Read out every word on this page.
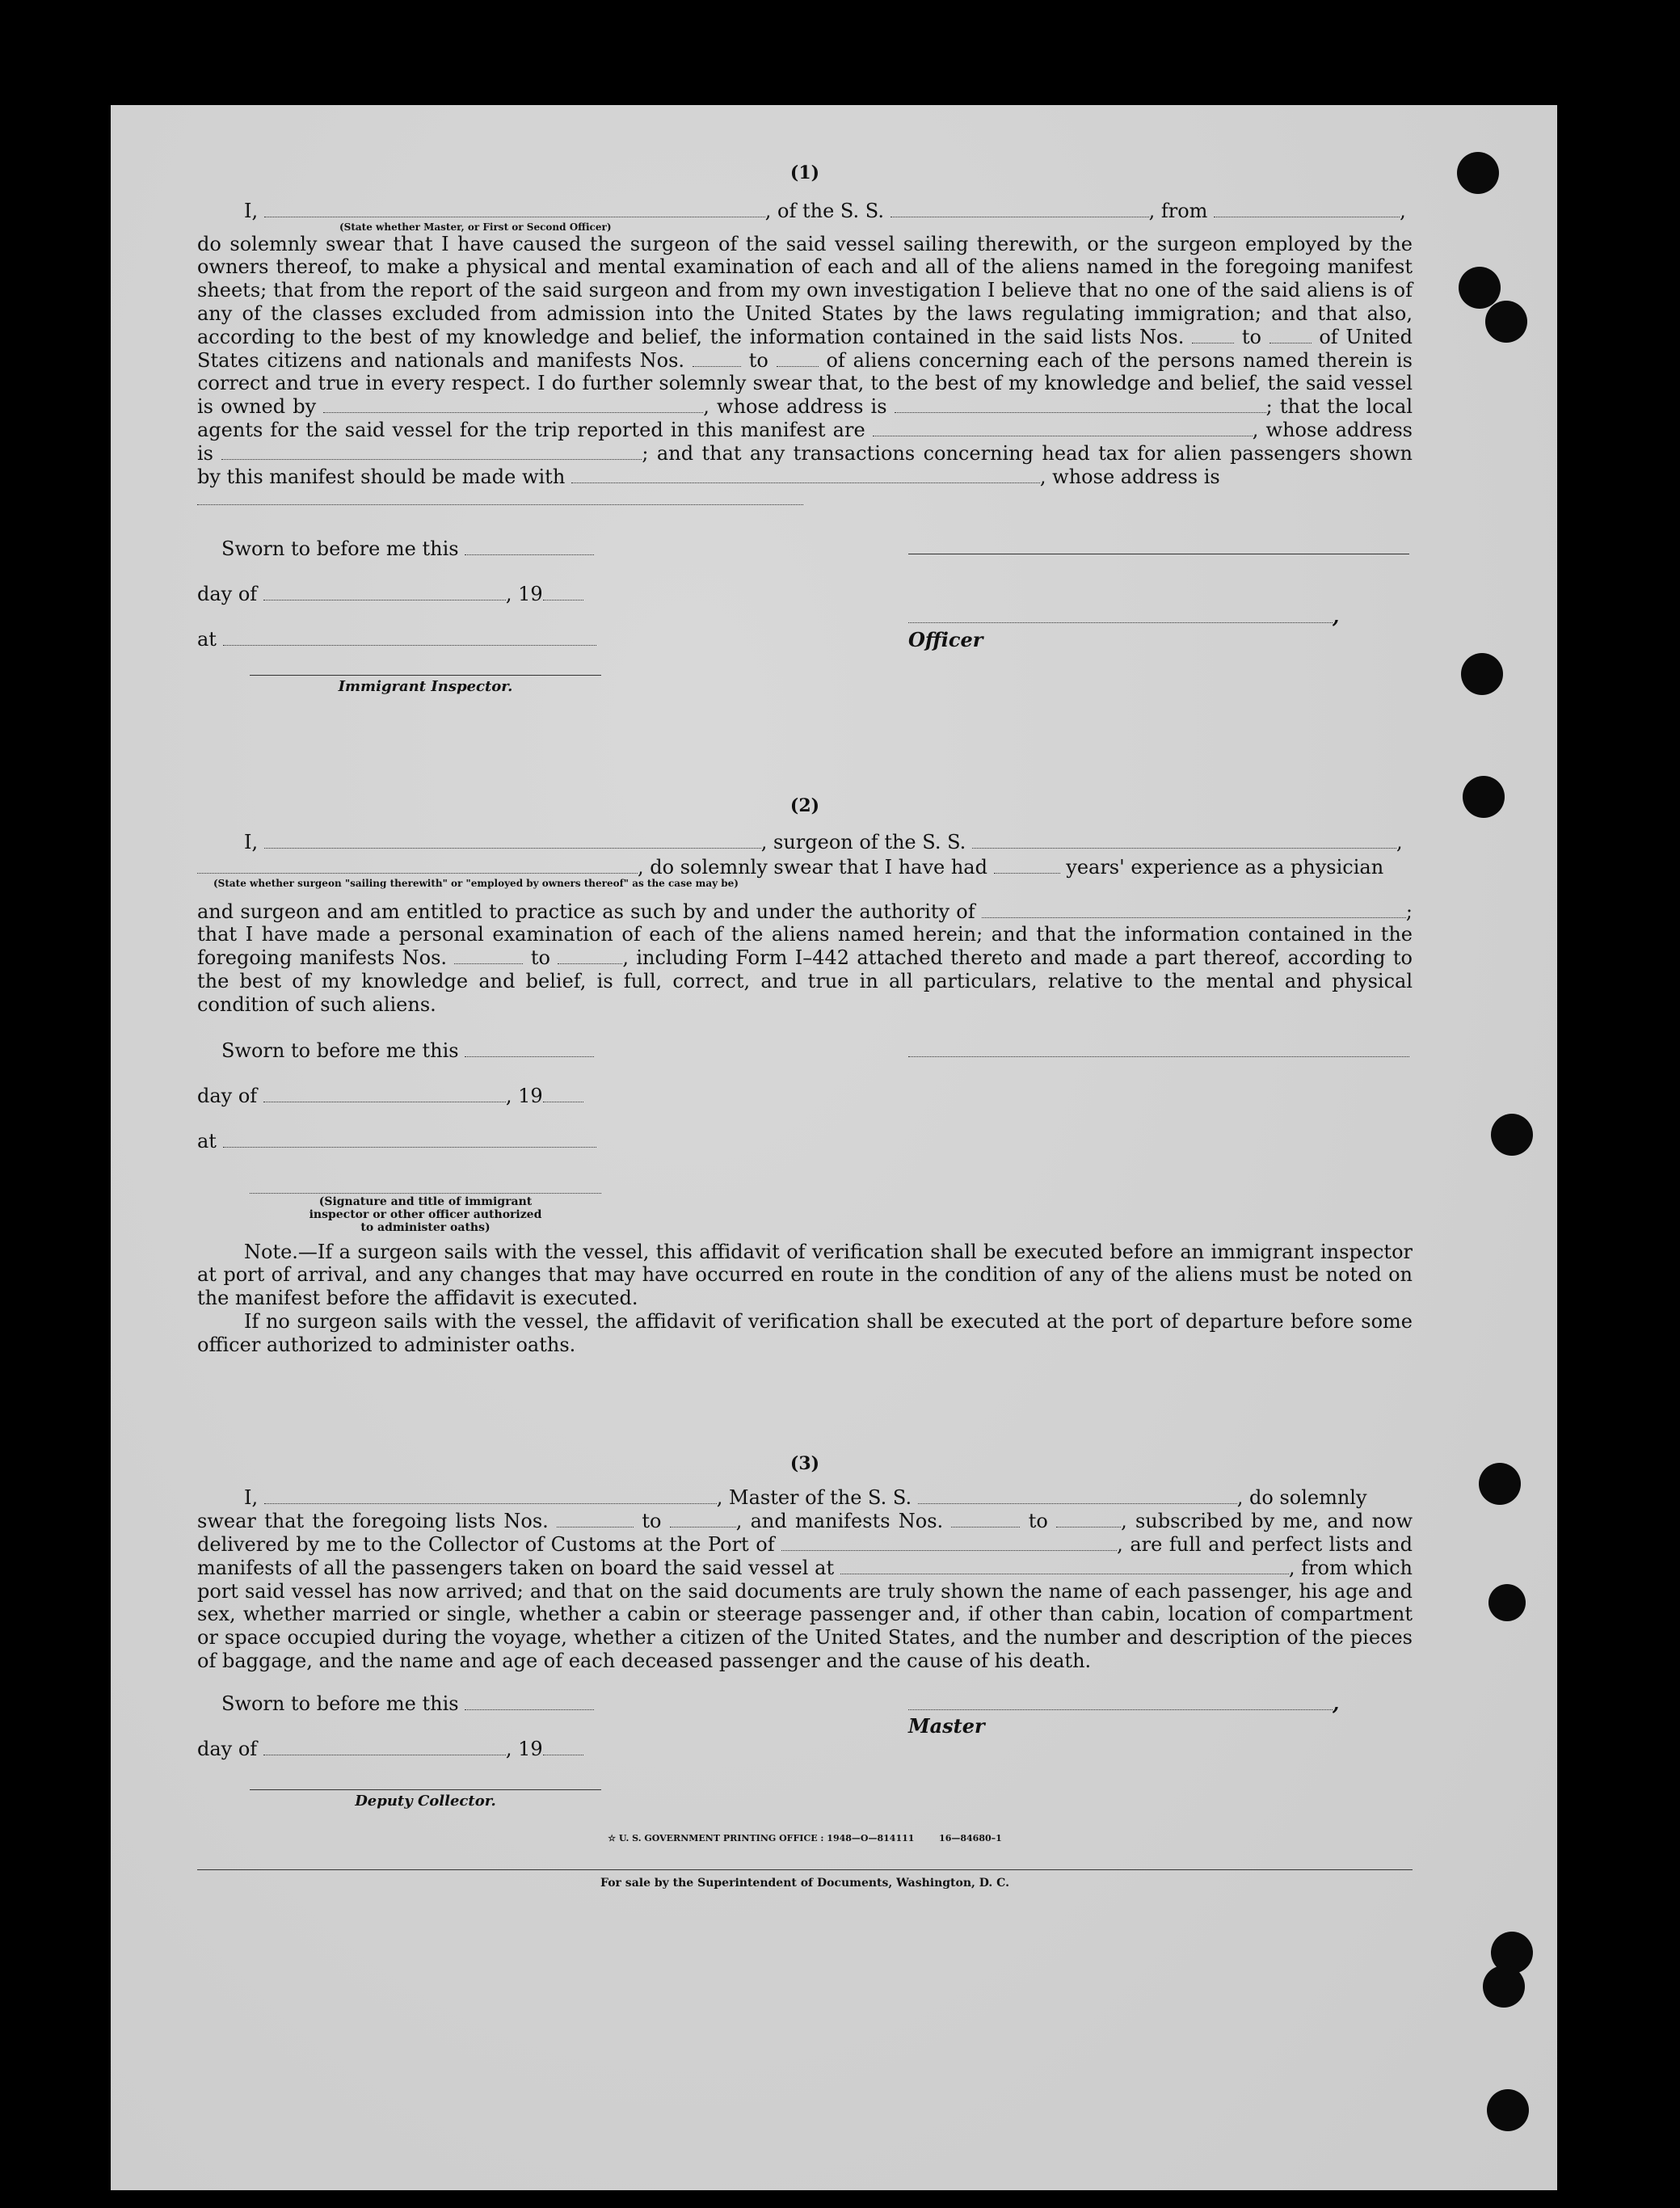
(1)
I,	, of the S. S.	, from	,
(State whether Master, or First or Second Officer)

do solemnly swear that I have caused the surgeon of the said vessel sailing therewith, or the surgeon employed by the owners thereof, to make a physical and mental examination of each and all of the aliens named in the foregoing manifest sheets; that from the report of the said surgeon and from my own investigation I believe that no one of the said aliens is of any of the classes excluded from admission into the United States by the laws regulating immigration; and that also, according to the best of my knowledge and belief, the information contained in the said lists Nos.	to	of United States citizens and nationals and manifests Nos.	to	of aliens concerning each of the persons named therein is correct and true in every respect. I do further solemnly swear that, to the best of my knowledge and belief, the said vessel is owned by	, whose address is	; that the local agents for the said vessel for the trip reported in this manifest are	, whose address is	; and that any transactions concerning head tax for alien passengers shown by this manifest should be made with	, whose address is

Sworn to before me this
day of	, 19
, Officer
at
Immigrant Inspector.
(2)
I,	, surgeon of the S. S.	,
, do solemnly swear that I have had	years' experience as a physician
(State whether surgeon "sailing therewith" or "employed by owners thereof" as the case may be)

and surgeon and am entitled to practice as such by and under the authority of	; that I have made a personal examination of each of the aliens named herein; and that the information contained in the foregoing manifests Nos.	to	, including Form I–442 attached thereto and made a part thereof, according to the best of my knowledge and belief, is full, correct, and true in all particulars, relative to the mental and physical condition of such aliens.

Sworn to before me this
day of	, 19
at
(Signature and title of immigrant inspector or other officer authorized to administer oaths)

Note.—If a surgeon sails with the vessel, this affidavit of verification shall be executed before an immigrant inspector at port of arrival, and any changes that may have occurred en route in the condition of any of the aliens must be noted on the manifest before the affidavit is executed.

If no surgeon sails with the vessel, the affidavit of verification shall be executed at the port of departure before some officer authorized to administer oaths.

(3)
I,	, Master of the S. S.	, do solemnly

swear that the foregoing lists Nos.	to	, and manifests Nos.	to	, subscribed by me, and now delivered by me to the Collector of Customs at the Port of	, are full and perfect lists and manifests of all the passengers taken on board the said vessel at	, from which port said vessel has now arrived; and that on the said documents are truly shown the name of each passenger, his age and sex, whether married or single, whether a cabin or steerage passenger and, if other than cabin, location of compartment or space occupied during the voyage, whether a citizen of the United States, and the number and description of the pieces of baggage, and the name and age of each deceased passenger and the cause of his death.

Sworn to before me this	, Master
day of	, 19
Deputy Collector.
☆ U. S. GOVERNMENT PRINTING OFFICE : 1948—O—814111        16—84680–1
For sale by the Superintendent of Documents, Washington, D. C.
